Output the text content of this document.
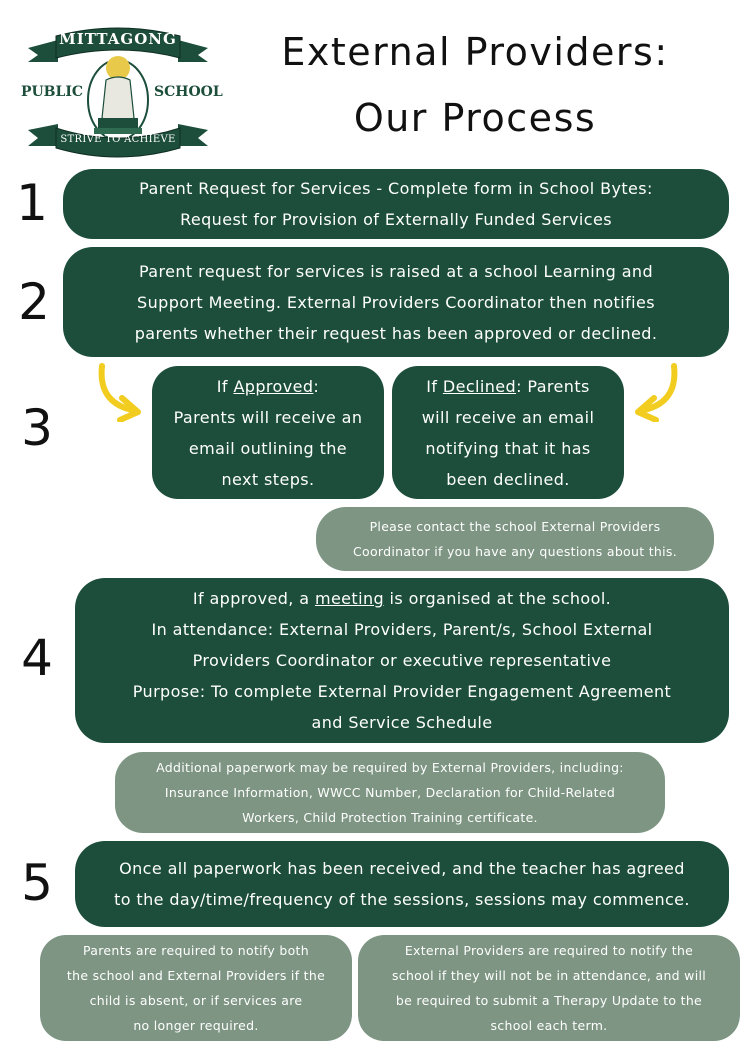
MITTAGONG
PUBLIC	SCHOOL
STRIVE TO ACHIEVE
External Providers:
Our Process
1	Parent Request for Services - Complete form in School Bytes:
Request for Provision of Externally Funded Services
2
Parent request for services is raised at a school Learning and
Support Meeting. External Providers Coordinator then notifies
parents whether their request has been approved or declined.
3
If Approved:
Parents will receive an
email outlining the
next steps.
If Declined: Parents
will receive an email
notifying that it has
been declined.
Please contact the school External Providers
Coordinator if you have any questions about this.
4
If approved, a meeting is organised at the school.
In attendance: External Providers, Parent/s, School External
Providers Coordinator or executive representative
Purpose: To complete External Provider Engagement Agreement
and Service Schedule
Additional paperwork may be required by External Providers, including:
Insurance Information, WWCC Number, Declaration for Child-Related
Workers, Child Protection Training certificate.
5	Once all paperwork has been received, and the teacher has agreed
to the day/time/frequency of the sessions, sessions may commence.
Parents are required to notify both
the school and External Providers if the
child is absent, or if services are
no longer required.
External Providers are required to notify the
school if they will not be in attendance, and will
be required to submit a Therapy Update to the
school each term.
